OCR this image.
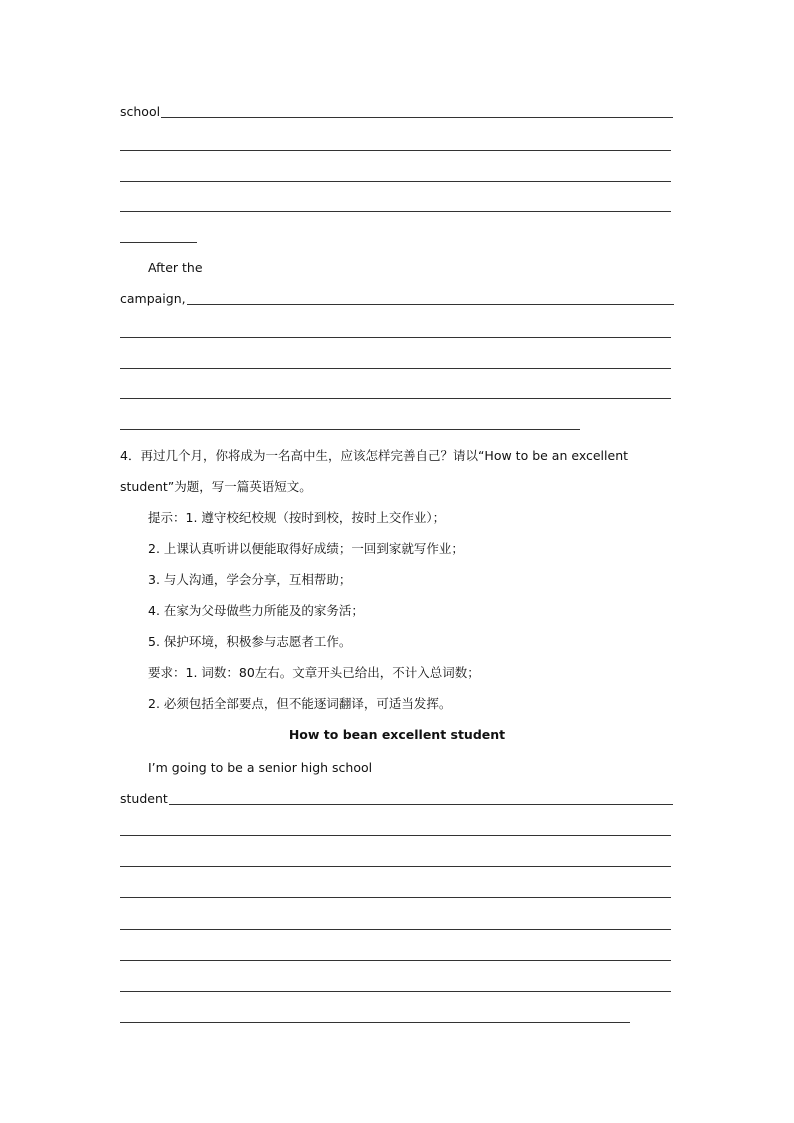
school
After the
campaign,
4．再过几个月，你将成为一名高中生，应该怎样完善自己？请以“How to be an excellent
student”为题，写一篇英语短文。
提示：1. 遵守校纪校规（按时到校，按时上交作业）；
2. 上课认真听讲以便能取得好成绩；一回到家就写作业；
3. 与人沟通，学会分享，互相帮助；
4. 在家为父母做些力所能及的家务活；
5. 保护环境，积极参与志愿者工作。
要求：1. 词数：80左右。文章开头已给出，不计入总词数；
2. 必须包括全部要点，但不能逐词翻译，可适当发挥。
How to bean excellent student
I’m going to be a senior high school
student
